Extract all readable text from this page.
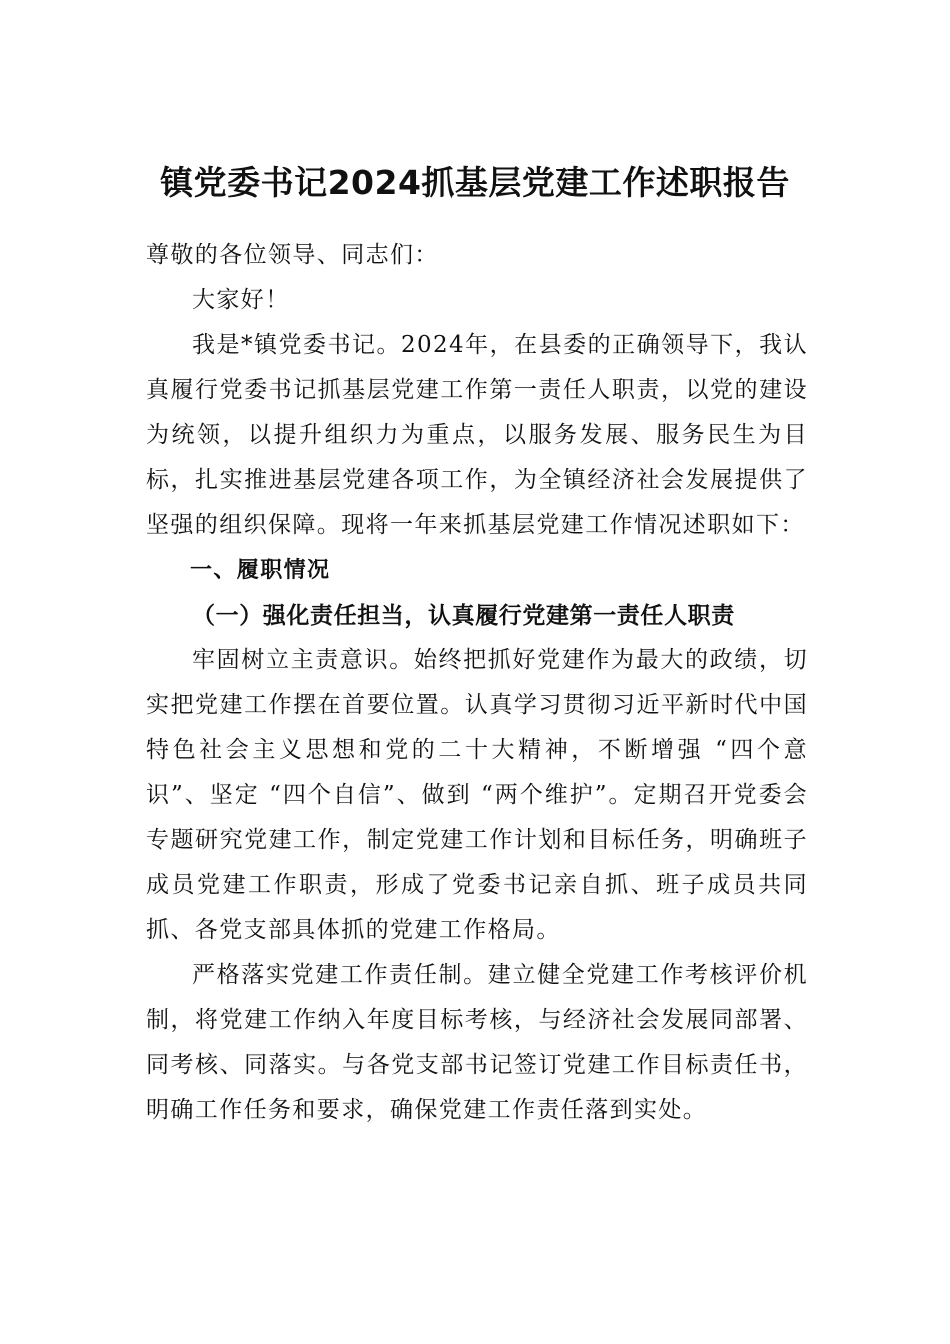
镇党委书记2024抓基层党建工作述职报告

尊敬的各位领导、同志们：

大家好！

我是*镇党委书记。2024年，在县委的正确领导下，我认真履行党委书记抓基层党建工作第一责任人职责，以党的建设为统领，以提升组织力为重点，以服务发展、服务民生为目标，扎实推进基层党建各项工作，为全镇经济社会发展提供了坚强的组织保障。现将一年来抓基层党建工作情况述职如下：

一、履职情况

（一）强化责任担当，认真履行党建第一责任人职责

牢固树立主责意识。始终把抓好党建作为最大的政绩，切实把党建工作摆在首要位置。认真学习贯彻习近平新时代中国特色社会主义思想和党的二十大精神，不断增强 “四个意识”、坚定 “四个自信”、做到 “两个维护”。定期召开党委会专题研究党建工作，制定党建工作计划和目标任务，明确班子成员党建工作职责，形成了党委书记亲自抓、班子成员共同抓、各党支部具体抓的党建工作格局。

严格落实党建工作责任制。建立健全党建工作考核评价机制，将党建工作纳入年度目标考核，与经济社会发展同部署、同考核、同落实。与各党支部书记签订党建工作目标责任书，明确工作任务和要求，确保党建工作责任落到实处。
